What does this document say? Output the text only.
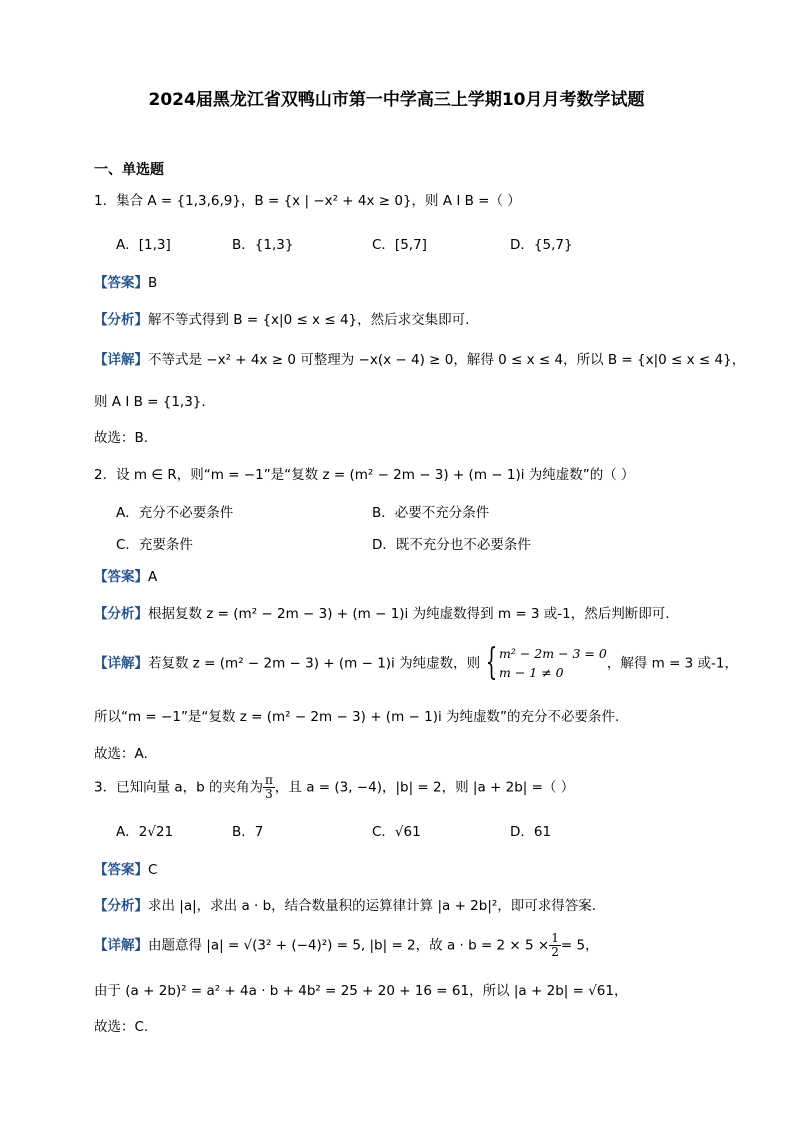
2024届黑龙江省双鸭山市第一中学高三上学期10月月考数学试题
一、单选题
1．集合 A = {1,3,6,9}，B = {x | −x² + 4x ≥ 0}，则 A I B =（ ）
A．[1,3]	B．{1,3}	C．[5,7]	D．{5,7}
【答案】B
【分析】解不等式得到 B = {x|0 ≤ x ≤ 4}，然后求交集即可.
【详解】不等式是 −x² + 4x ≥ 0 可整理为 −x(x − 4) ≥ 0，解得 0 ≤ x ≤ 4，所以 B = {x|0 ≤ x ≤ 4}，
则 A I B = {1,3}.
故选：B.
2．设 m ∈ R，则“m = −1”是“复数 z = (m² − 2m − 3) + (m − 1)i 为纯虚数”的（ ）
A．充分不必要条件	B．必要不充分条件
C．充要条件	D．既不充分也不必要条件
【答案】A
【分析】根据复数 z = (m² − 2m − 3) + (m − 1)i 为纯虚数得到 m = 3 或-1，然后判断即可.
【详解】若复数 z = (m² − 2m − 3) + (m − 1)i 为纯虚数，则 { m² − 2m − 3 = 0
m − 1 ≠ 0
，解得 m = 3 或-1，
所以“m = −1”是“复数 z = (m² − 2m − 3) + (m − 1)i 为纯虚数”的充分不必要条件.
故选：A.
3．已知向量 a，b 的夹角为 $\frac{\pi}{3}$ ，且 a = (3, −4)，|b| = 2，则 |a + 2b| =（ ）
A．2√21	B．7	C．√61	D．61
【答案】C
【分析】求出 |a|，求出 a · b，结合数量积的运算律计算 |a + 2b|²，即可求得答案.
【详解】由题意得 |a| = √(3² + (−4)²) = 5, |b| = 2，故 $a \cdot b = 2 \times 5 \times \frac{1}{2} = 5$，
由于 (a + 2b)² = a² + 4a · b + 4b² = 25 + 20 + 16 = 61，所以 |a + 2b| = √61，
故选：C.
